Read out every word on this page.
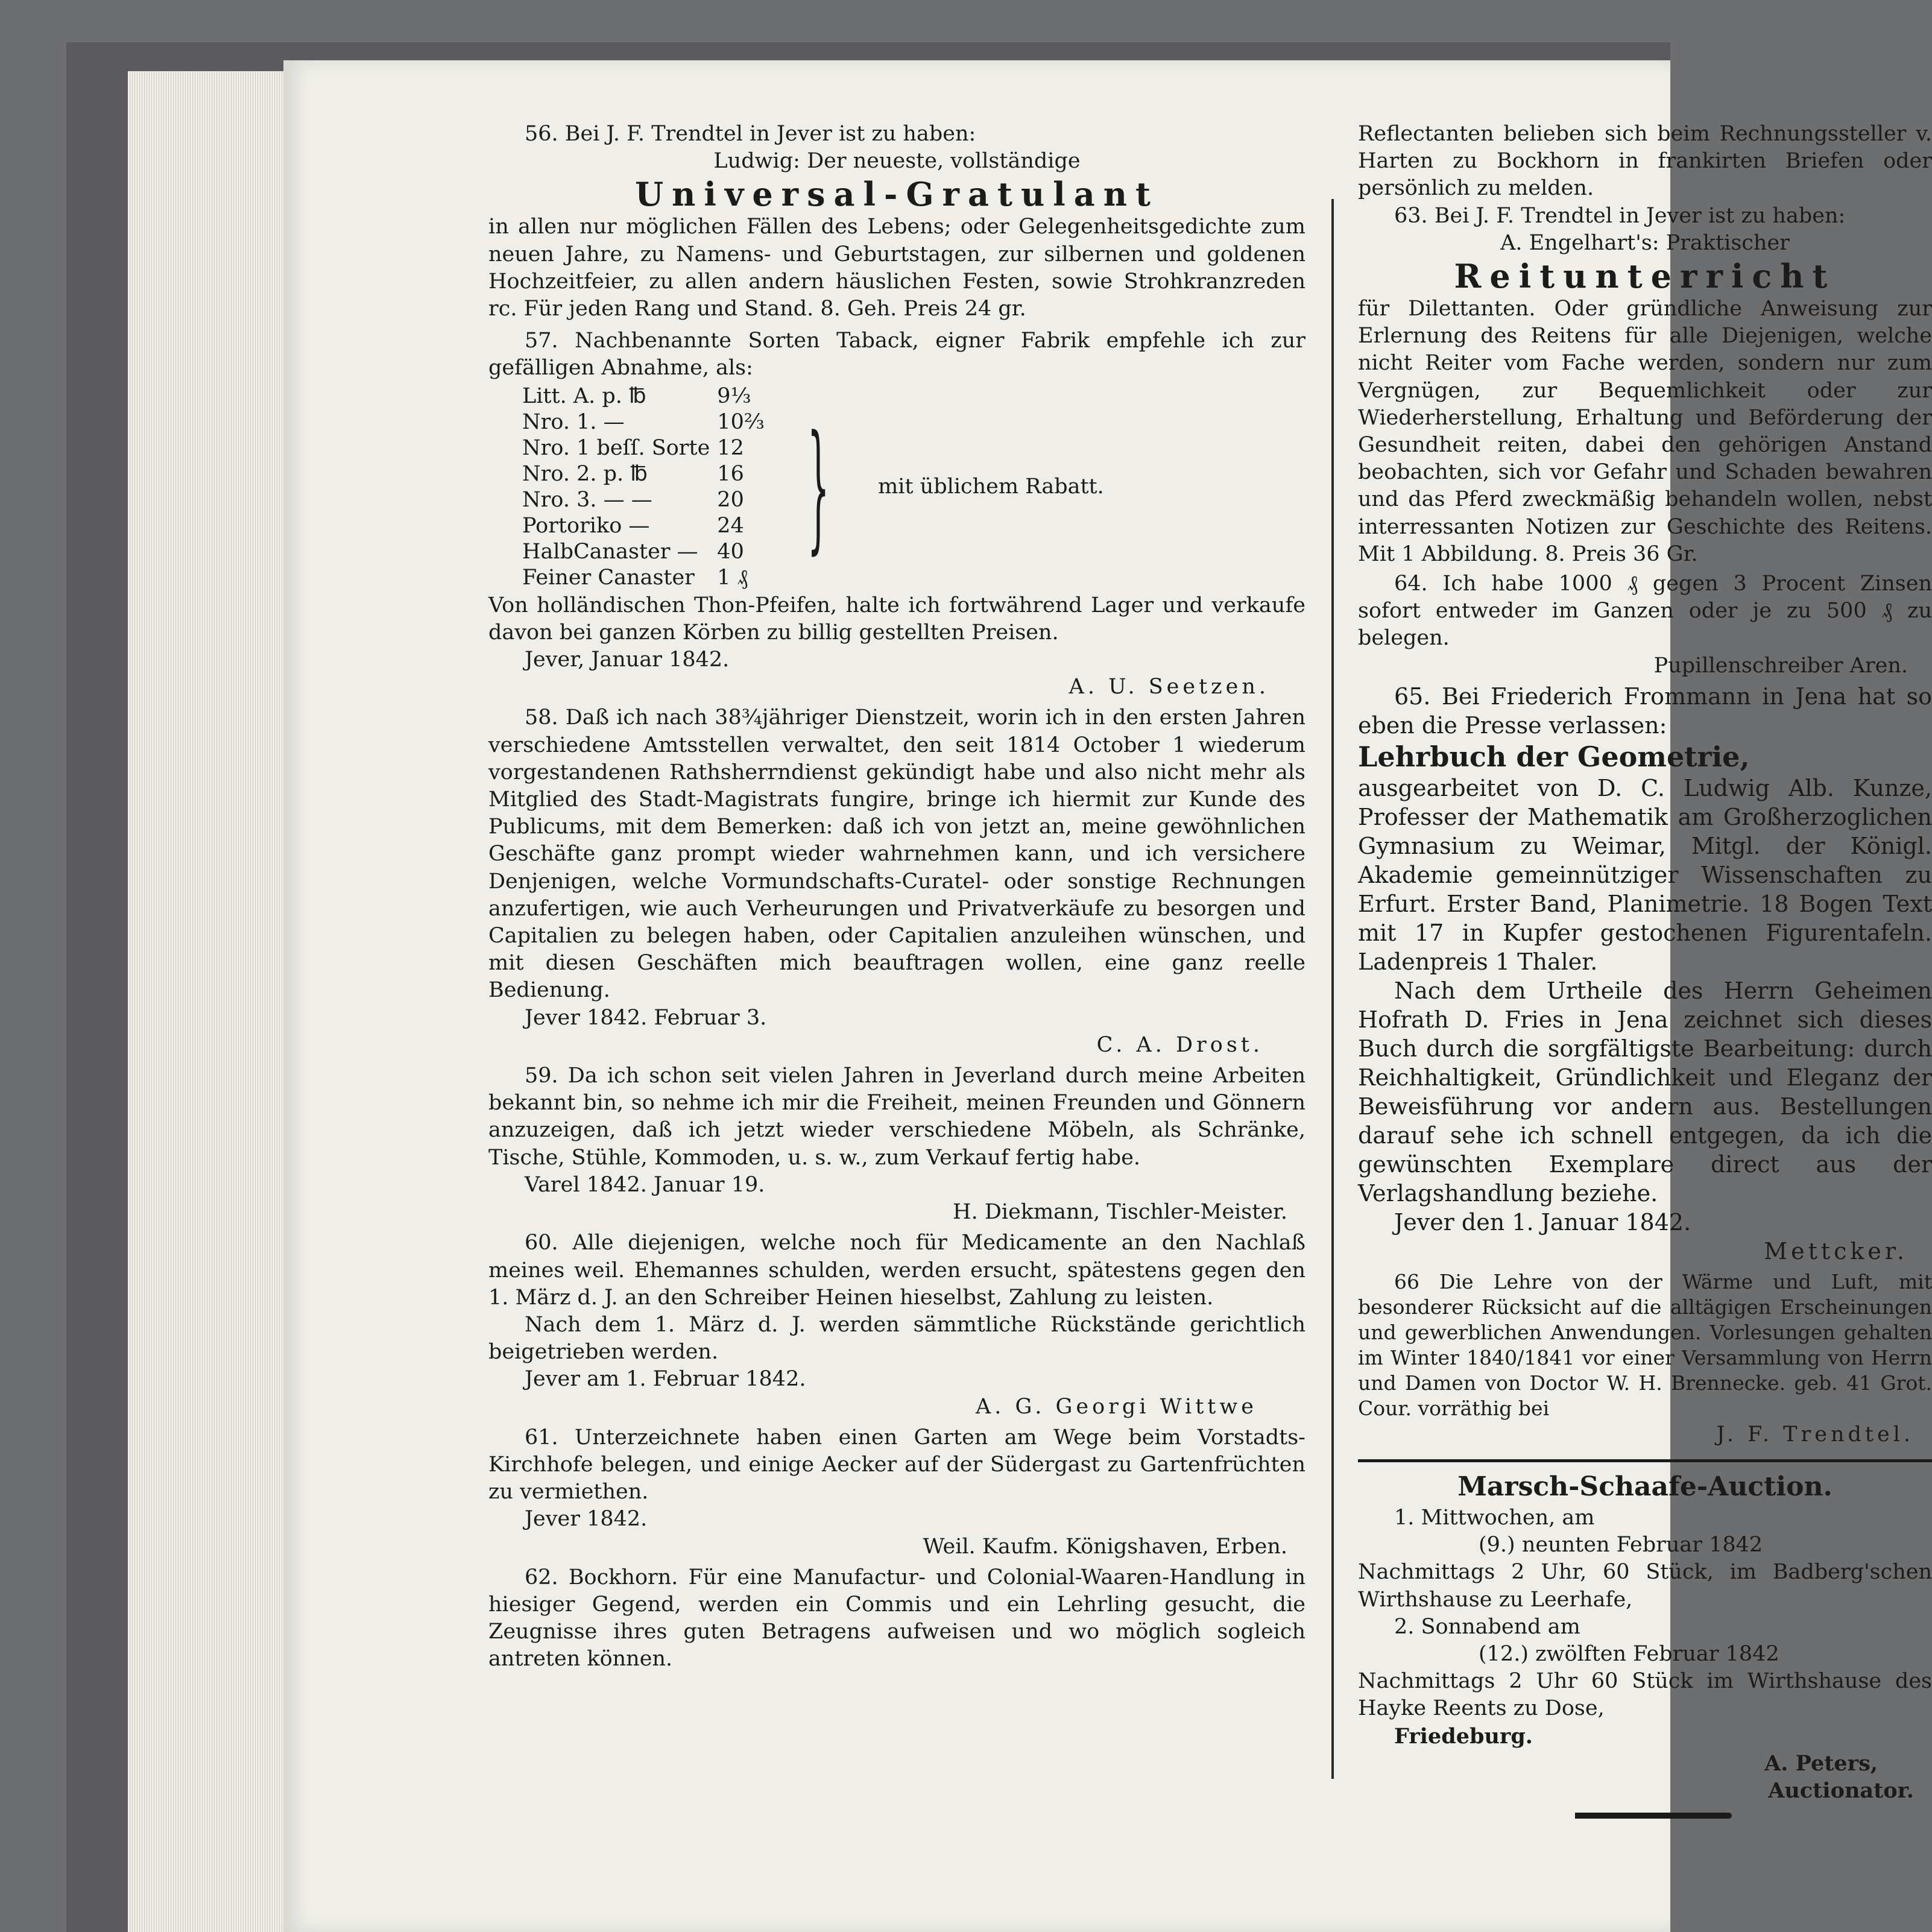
56. Bei J. F. Trendtel in Jever ist zu haben:

Ludwig: Der neueste, vollständige

Universal-Gratulant

in allen nur möglichen Fällen des Lebens; oder Gelegenheitsgedichte zum neuen Jahre, zu Namens- und Geburtstagen, zur silbernen und goldenen Hochzeitfeier, zu allen andern häuslichen Festen, sowie Strohkranzreden rc. Für jeden Rang und Stand. 8. Geh. Preis 24 gr.

57. Nachbenannte Sorten Taback, eigner Fabrik empfehle ich zur gefälligen Abnahme, als:

Litt. A. p. ℔	9⅓
Nro. 1. —	10⅔
Nro. 1 beſſ. Sorte	12
Nro. 2. p. ℔	16
Nro. 3. — —	20
Portoriko —	24
HalbCanaster —	40
Feiner Canaster	1 ₰
} mit üblichem Rabatt.

Von holländischen Thon-Pfeifen, halte ich fortwährend Lager und verkaufe davon bei ganzen Körben zu billig gestellten Preisen.

Jever, Januar 1842.

A. U. Seetzen.

58. Daß ich nach 38¾jähriger Dienstzeit, worin ich in den ersten Jahren verschiedene Amtsstellen verwaltet, den seit 1814 October 1 wiederum vorgestandenen Rathsherrndienst gekündigt habe und also nicht mehr als Mitglied des Stadt-Magistrats fungire, bringe ich hiermit zur Kunde des Publicums, mit dem Bemerken: daß ich von jetzt an, meine gewöhnlichen Geschäfte ganz prompt wieder wahrnehmen kann, und ich versichere Denjenigen, welche Vormundschafts-Curatel- oder sonstige Rechnungen anzufertigen, wie auch Verheurungen und Privatverkäufe zu besorgen und Capitalien zu belegen haben, oder Capitalien anzuleihen wünschen, und mit diesen Geschäften mich beauftragen wollen, eine ganz reelle Bedienung.

Jever 1842. Februar 3.

C. A. Drost.

59. Da ich schon seit vielen Jahren in Jeverland durch meine Arbeiten bekannt bin, so nehme ich mir die Freiheit, meinen Freunden und Gönnern anzuzeigen, daß ich jetzt wieder verschiedene Möbeln, als Schränke, Tische, Stühle, Kommoden, u. s. w., zum Verkauf fertig habe.

Varel 1842. Januar 19.

H. Diekmann, Tischler-Meister.

60. Alle diejenigen, welche noch für Medicamente an den Nachlaß meines weil. Ehemannes schulden, werden ersucht, spätestens gegen den 1. März d. J. an den Schreiber Heinen hieselbst, Zahlung zu leisten.

Nach dem 1. März d. J. werden sämmtliche Rückstände gerichtlich beigetrieben werden.

Jever am 1. Februar 1842.

A. G. Georgi Wittwe

61. Unterzeichnete haben einen Garten am Wege beim Vorstadts-Kirchhofe belegen, und einige Aecker auf der Südergast zu Gartenfrüchten zu vermiethen.

Jever 1842.

Weil. Kaufm. Königshaven, Erben.

62. Bockhorn. Für eine Manufactur- und Colonial-Waaren-Handlung in hiesiger Gegend, werden ein Commis und ein Lehrling gesucht, die Zeugnisse ihres guten Betragens aufweisen und wo möglich sogleich antreten können.

Reflectanten belieben sich beim Rechnungssteller v. Harten zu Bockhorn in frankirten Briefen oder persönlich zu melden.

63. Bei J. F. Trendtel in Jever ist zu haben:

A. Engelhart's: Praktischer

Reitunterricht

für Dilettanten. Oder gründliche Anweisung zur Erlernung des Reitens für alle Diejenigen, welche nicht Reiter vom Fache werden, sondern nur zum Vergnügen, zur Bequemlichkeit oder zur Wiederherstellung, Erhaltung und Beförderung der Gesundheit reiten, dabei den gehörigen Anstand beobachten, sich vor Gefahr und Schaden bewahren und das Pferd zweckmäßig behandeln wollen, nebst interressanten Notizen zur Geschichte des Reitens. Mit 1 Abbildung. 8. Preis 36 Gr.

64. Ich habe 1000 ₰ gegen 3 Procent Zinsen sofort entweder im Ganzen oder je zu 500 ₰ zu belegen.

Pupillenschreiber Aren.

65. Bei Friederich Frommann in Jena hat so eben die Presse verlassen:

Lehrbuch der Geometrie,

ausgearbeitet von D. C. Ludwig Alb. Kunze, Professer der Mathematik am Großherzoglichen Gymnasium zu Weimar, Mitgl. der Königl. Akademie gemeinnütziger Wissenschaften zu Erfurt. Erster Band, Planimetrie. 18 Bogen Text mit 17 in Kupfer gestochenen Figurentafeln. Ladenpreis 1 Thaler.

Nach dem Urtheile des Herrn Geheimen Hofrath D. Fries in Jena zeichnet sich dieses Buch durch die sorgfältigste Bearbeitung: durch Reichhaltigkeit, Gründlichkeit und Eleganz der Beweisführung vor andern aus. Bestellungen darauf sehe ich schnell entgegen, da ich die gewünschten Exemplare direct aus der Verlagshandlung beziehe.

Jever den 1. Januar 1842.

Mettcker.

66 Die Lehre von der Wärme und Luft, mit besonderer Rücksicht auf die alltägigen Erscheinungen und gewerblichen Anwendungen. Vorlesungen gehalten im Winter 1840/1841 vor einer Versammlung von Herrn und Damen von Doctor W. H. Brennecke. geb. 41 Grot. Cour. vorräthig bei

J. F. Trendtel.

Marsch-Schaafe-Auction.

1. Mittwochen, am

(9.) neunten Februar 1842

Nachmittags 2 Uhr, 60 Stück, im Badberg'schen Wirthshause zu Leerhafe,

2. Sonnabend am

(12.) zwölften Februar 1842

Nachmittags 2 Uhr 60 Stück im Wirthshause des Hayke Reents zu Dose,

Friedeburg.

A. Peters,

Auctionator.
